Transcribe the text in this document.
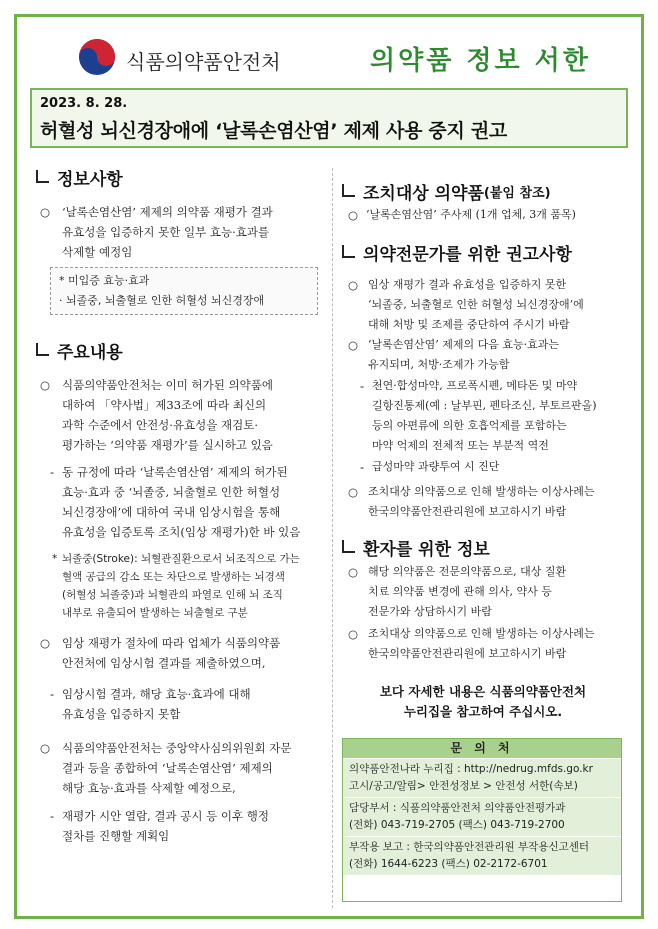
식품의약품안전처	의약품 정보 서한
2023. 8. 28.
허혈성 뇌신경장애에 ‘날록손염산염’ 제제 사용 중지 권고
정보사항
○ ‘날록손염산염’ 제제의 의약품 재평가 결과
유효성을 입증하지 못한 일부 효능·효과를
삭제할 예정임
* 미입증 효능·효과
· 뇌졸중, 뇌출혈로 인한 허혈성 뇌신경장애
주요내용
○ 식품의약품안전처는 이미 허가된 의약품에
대하여 「약사법」제33조에 따라 최신의
과학 수준에서 안전성·유효성을 재검토·
평가하는 ‘의약품 재평가’를 실시하고 있음
- 동 규정에 따라 ‘날록손염산염’ 제제의 허가된
효능·효과 중 ‘뇌졸중, 뇌출혈로 인한 허혈성
뇌신경장애’에 대하여 국내 임상시험을 통해
유효성을 입증토록 조치(임상 재평가)한 바 있음
* 뇌졸중(Stroke): 뇌혈관질환으로서 뇌조직으로 가는
혈액 공급의 감소 또는 차단으로 발생하는 뇌경색
(허혈성 뇌졸중)과 뇌혈관의 파열로 인해 뇌 조직
내부로 유출되어 발생하는 뇌출혈로 구분
○ 임상 재평가 절차에 따라 업체가 식품의약품
안전처에 임상시험 결과를 제출하였으며,
- 임상시험 결과, 해당 효능·효과에 대해
유효성을 입증하지 못함
○ 식품의약품안전처는 중앙약사심의위원회 자문
결과 등을 종합하여 ‘날록손염산염’ 제제의
해당 효능·효과를 삭제할 예정으로,
- 재평가 시안 열람, 결과 공시 등 이후 행정
절차를 진행할 계획임
조치대상 의약품 (붙임 참조)
○ ‘날록손염산염’ 주사제 (1개 업체, 3개 품목)
의약전문가를 위한 권고사항
○ 임상 재평가 결과 유효성을 입증하지 못한
‘뇌졸중, 뇌출혈로 인한 허혈성 뇌신경장애’에
대해 처방 및 조제를 중단하여 주시기 바람
○ ‘날록손염산염’ 제제의 다음 효능·효과는
유지되며, 처방·조제가 가능함
- 천연·합성마약, 프로폭시펜, 메타돈 및 마약
길항진통제(예 : 날부핀, 펜타조신, 부토르판올)
등의 아편류에 의한 호흡억제를 포함하는
마약 억제의 전체적 또는 부분적 역전
- 급성마약 과량투여 시 진단
○ 조치대상 의약품으로 인해 발생하는 이상사례는
한국의약품안전관리원에 보고하시기 바람
환자를 위한 정보
○ 해당 의약품은 전문의약품으로, 대상 질환
치료 의약품 변경에 관해 의사, 약사 등
전문가와 상담하시기 바람
○ 조치대상 의약품으로 인해 발생하는 이상사례는
한국의약품안전관리원에 보고하시기 바람
보다 자세한 내용은 식품의약품안전처
누리집을 참고하여 주십시오.
문 의 처
의약품안전나라 누리집 : http://nedrug.mfds.go.kr
고시/공고/알림> 안전성정보 > 안전성 서한(속보)
담당부서 : 식품의약품안전처 의약품안전평가과
(전화) 043-719-2705 (팩스) 043-719-2700
부작용 보고 : 한국의약품안전관리원 부작용신고센터
(전화) 1644-6223 (팩스) 02-2172-6701
